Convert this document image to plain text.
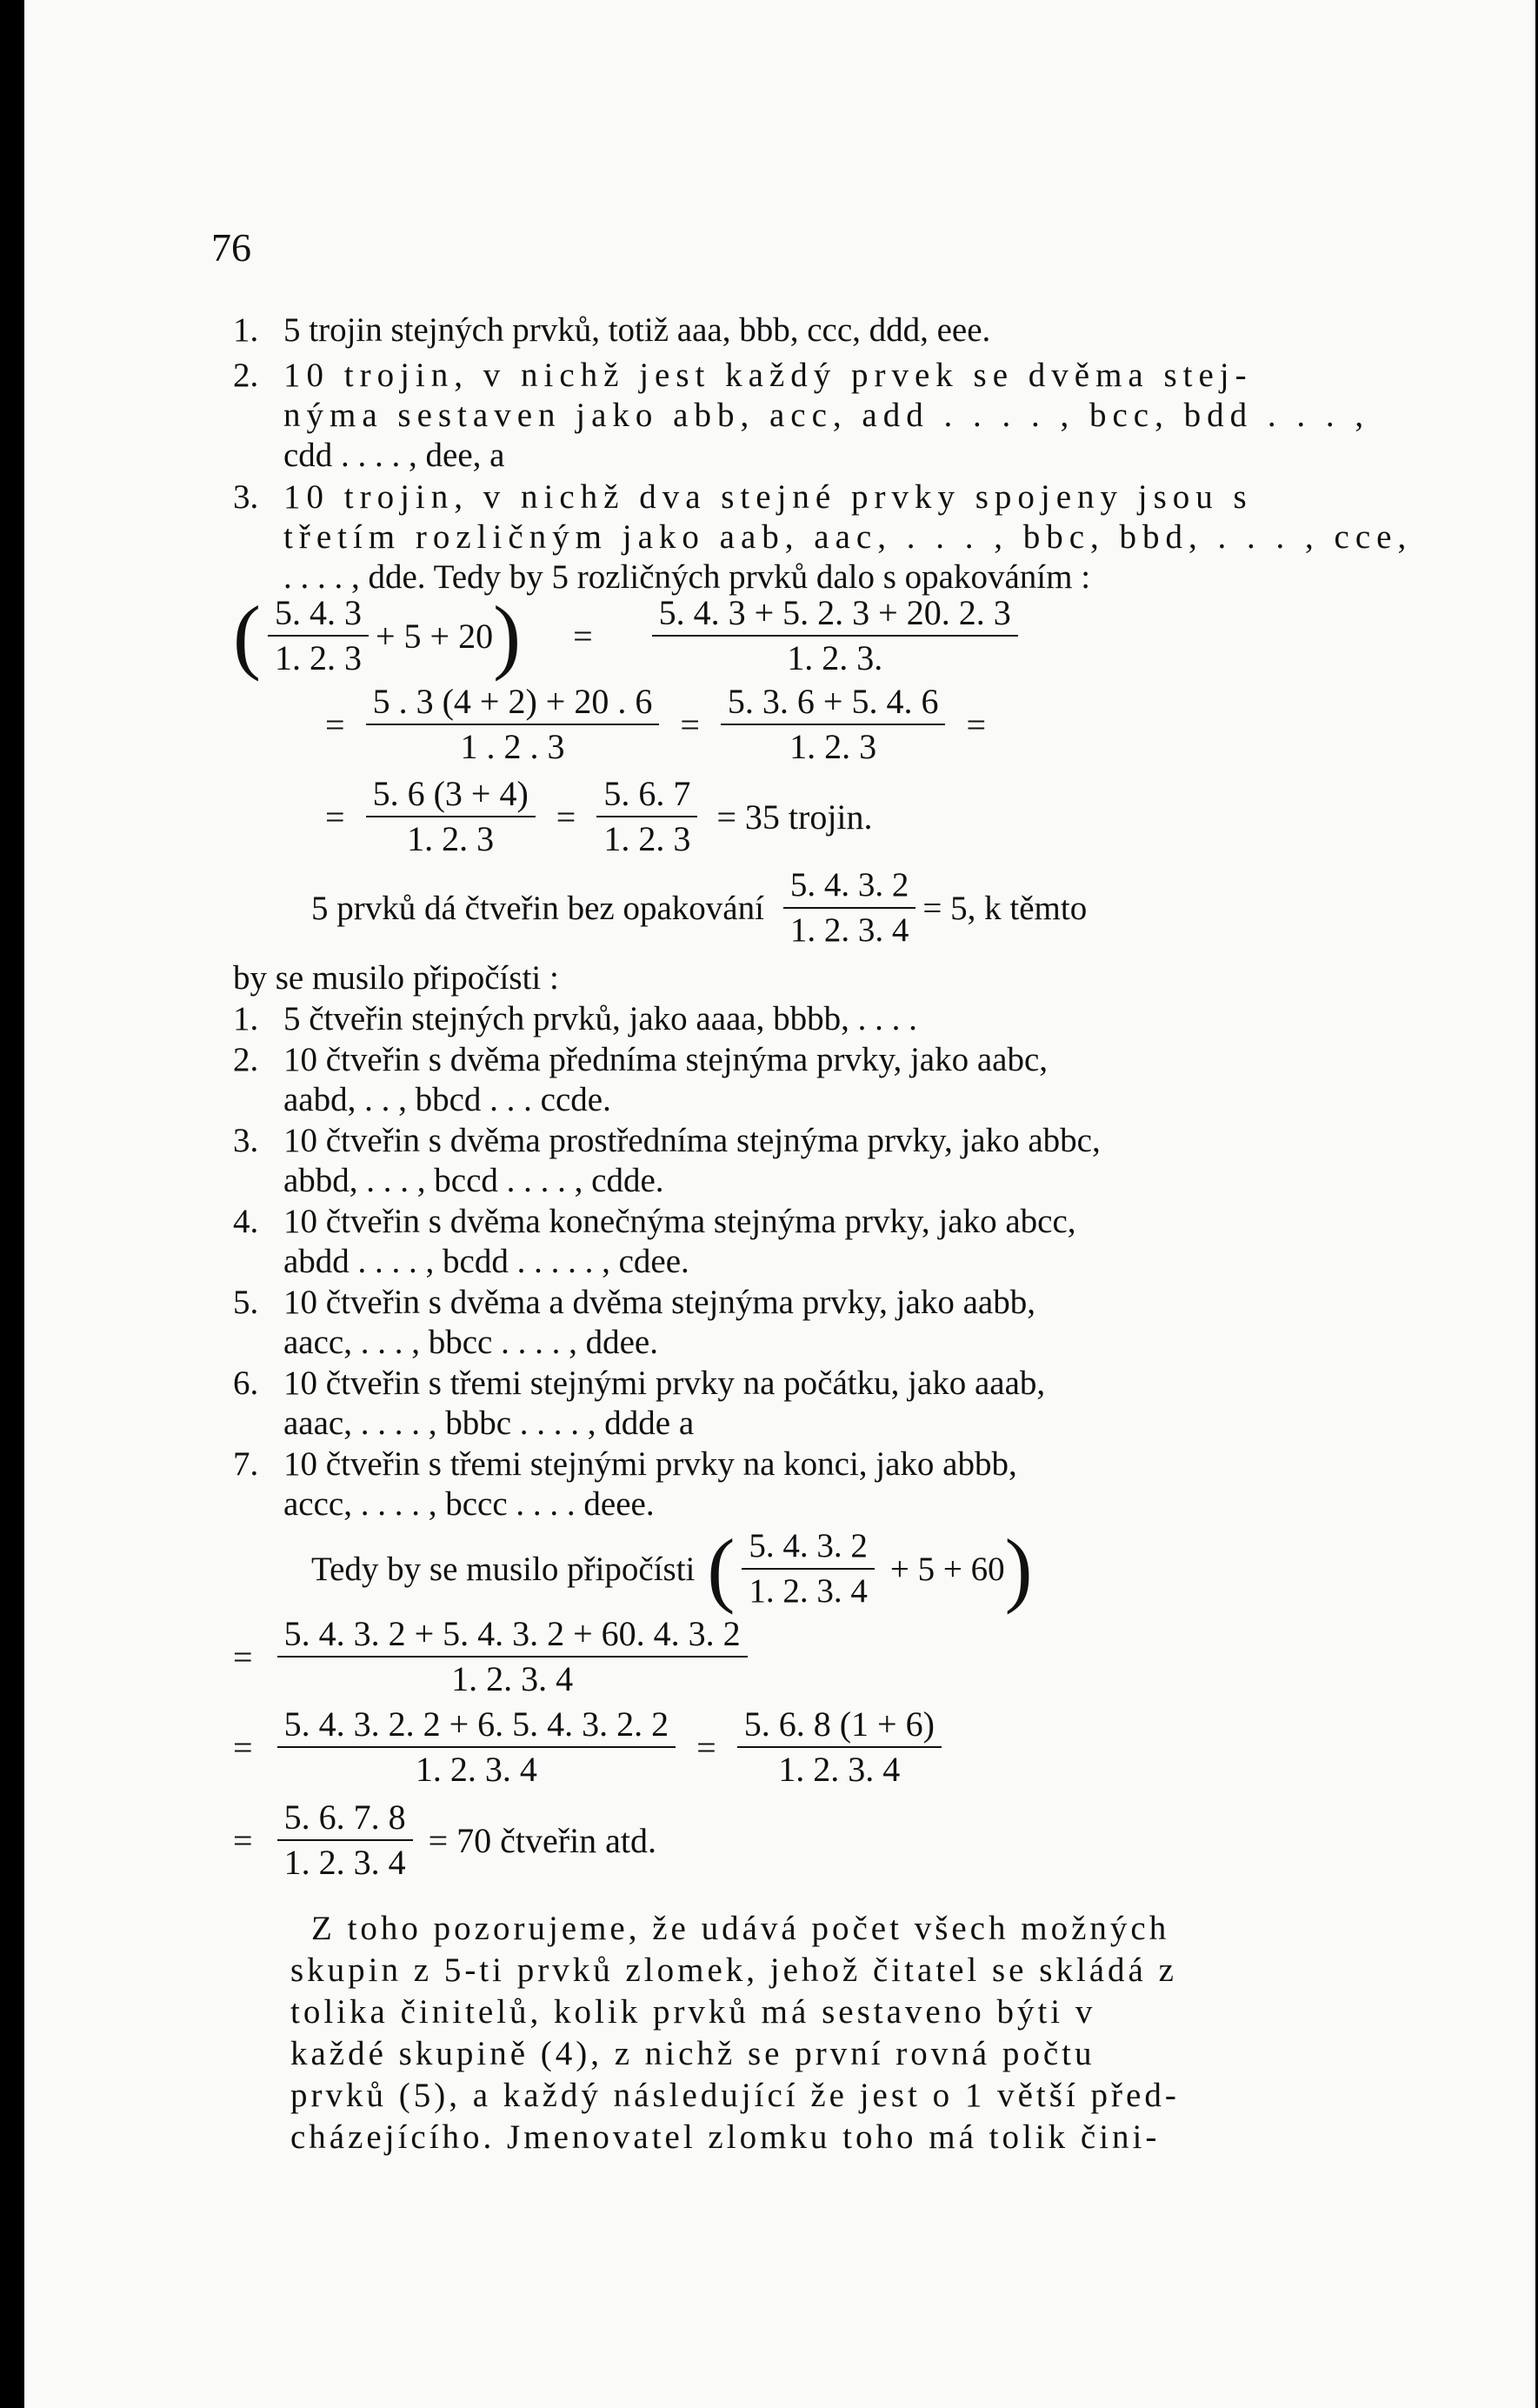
76
1. 5 trojin stejných prvků, totiž aaa, bbb, ccc, ddd, eee.
2. 10 trojin, v nichž jest každý prvek se dvěma stej-
nýma sestaven jako abb, acc, add . . . . , bcc, bdd . . . ,
cdd . . . . , dee, a
3. 10 trojin, v nichž dva stejné prvky spojeny jsou s
třetím rozličným jako aab, aac, . . . , bbc, bbd, . . . , cce,
. . . . , dde. Tedy by 5 rozličných prvků dalo s opakováním :
( $\frac{5. 4. 3}{1. 2. 3} + 5 + 20$ ) = $\frac{5. 4. 3 + 5. 2. 3 + 20. 2. 3}{1. 2. 3.}$
= $\frac{5 . 3 (4 + 2) + 20 . 6}{1 . 2 . 3} = \frac{5. 3. 6 + 5. 4. 6}{1. 2. 3}$ =
= $\frac{5. 6 (3 + 4)}{1. 2. 3} = \frac{5. 6. 7}{1. 2. 3} = 35$ trojin.
5 prvků dá čtveřin bez opakování $\frac{5. 4. 3. 2}{1. 2. 3. 4} = 5$, k těmto
by se musilo připočísti :
1. 5 čtveřin stejných prvků, jako aaaa, bbbb, . . . .
2. 10 čtveřin s dvěma předníma stejnýma prvky, jako aabc,
aabd, . . , bbcd . . . ccde.
3. 10 čtveřin s dvěma prostředníma stejnýma prvky, jako abbc,
abbd, . . . , bccd . . . . , cdde.
4. 10 čtveřin s dvěma konečnýma stejnýma prvky, jako abcc,
abdd . . . . , bcdd . . . . . , cdee.
5. 10 čtveřin s dvěma a dvěma stejnýma prvky, jako aabb,
aacc, . . . , bbcc . . . . , ddee.
6. 10 čtveřin s třemi stejnými prvky na počátku, jako aaab,
aaac, . . . . , bbbc . . . . , ddde a
7. 10 čtveřin s třemi stejnými prvky na konci, jako abbb,
accc, . . . . , bccc . . . . deee.
Tedy by se musilo připočísti ( $\frac{5. 4. 3. 2}{1. 2. 3. 4} + 5 + 60$ )
= $\frac{5. 4. 3. 2 + 5. 4. 3. 2 + 60. 4. 3. 2}{1. 2. 3. 4}$
= $\frac{5. 4. 3. 2. 2 + 6. 5. 4. 3. 2. 2}{1. 2. 3. 4} = \frac{5. 6. 8 (1 + 6)}{1. 2. 3. 4}$
= $\frac{5. 6. 7. 8}{1. 2. 3. 4} = 70$ čtveřin atd.
Z toho pozorujeme, že udává počet všech možných
skupin z 5-ti prvků zlomek, jehož čitatel se skládá z
tolika činitelů, kolik prvků má sestaveno býti v
každé skupině (4), z nichž se první rovná počtu
prvků (5), a každý následující že jest o 1 větší před-
cházejícího. Jmenovatel zlomku toho má tolik čini-
